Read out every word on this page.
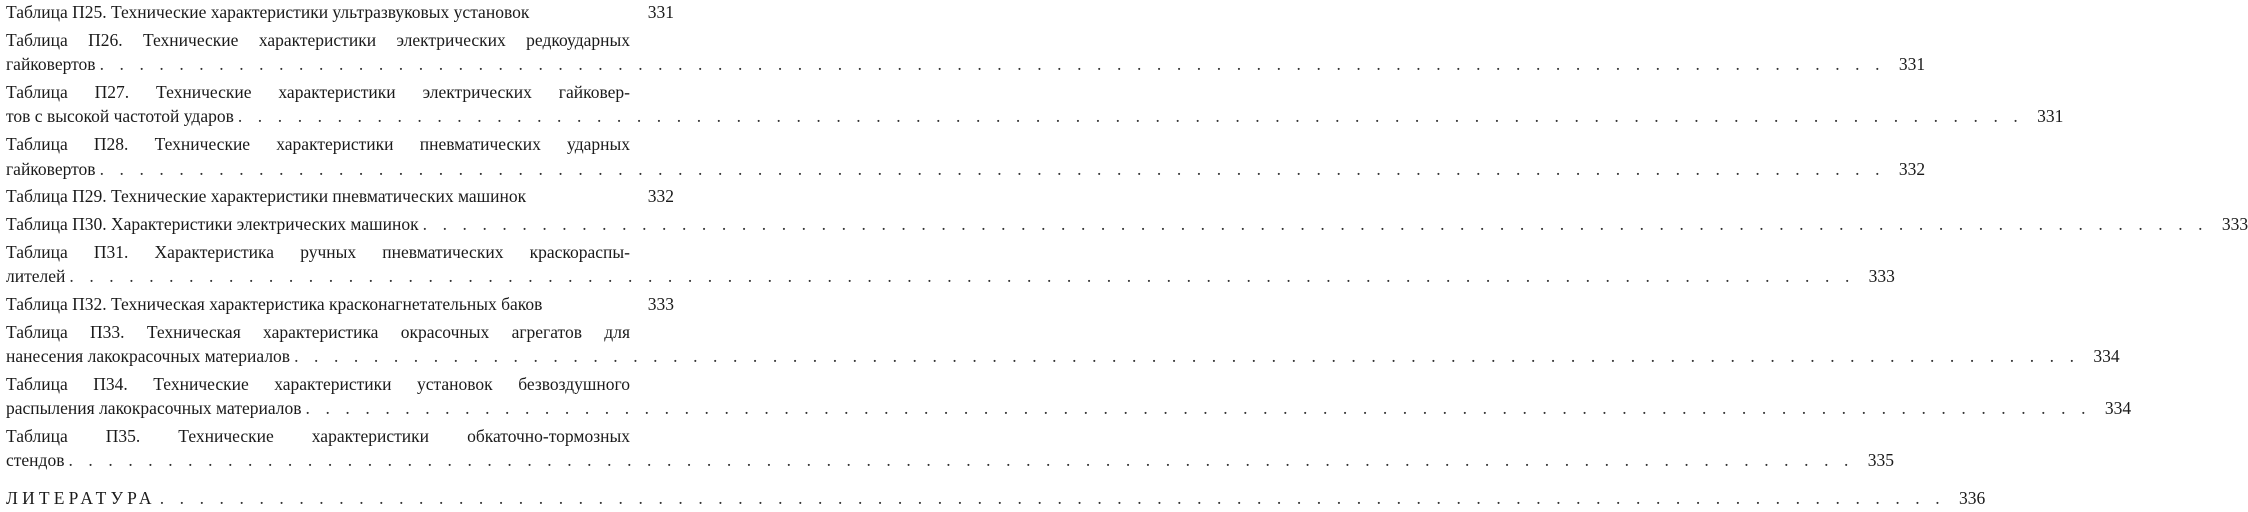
Таблица П25. Технические характеристики ультразвуковых установок	331
Таблица П26. Технические характеристики электрических редкоударных
гайковертов . . . . . . . . . . . . . . . . . . . . . . . . . . . . . . . . . . . . . . . . . . . . . . . . . . . . . . . . . . . . . . . . . . . . . . . . . . . . . . . . . . . . . . . . . . 331
Таблица П27. Технические характеристики электрических гайковер-
тов с высокой частотой ударов . . . . . . . . . . . . . . . . . . . . . . . . . . . . . . . . . . . . . . . . . . . . . . . . . . . . . . . . . . . . . . . . . . . . . . . . . . . . . . . . . . . . . . . . . . 331
Таблица П28. Технические характеристики пневматических ударных
гайковертов . . . . . . . . . . . . . . . . . . . . . . . . . . . . . . . . . . . . . . . . . . . . . . . . . . . . . . . . . . . . . . . . . . . . . . . . . . . . . . . . . . . . . . . . . . 332
Таблица П29. Технические характеристики пневматических машинок	332
Таблица П30. Характеристики электрических машинок . . . . . . . . . . . . . . . . . . . . . . . . . . . . . . . . . . . . . . . . . . . . . . . . . . . . . . . . . . . . . . . . . . . . . . . . . . . . . . . . . . . . . . . . . . 333
Таблица П31. Характеристика ручных пневматических краскораспы-
лителей . . . . . . . . . . . . . . . . . . . . . . . . . . . . . . . . . . . . . . . . . . . . . . . . . . . . . . . . . . . . . . . . . . . . . . . . . . . . . . . . . . . . . . . . . . 333
Таблица П32. Техническая характеристика красконагнетательных баков	333
Таблица П33. Техническая характеристика окрасочных агрегатов для
нанесения лакокрасочных материалов . . . . . . . . . . . . . . . . . . . . . . . . . . . . . . . . . . . . . . . . . . . . . . . . . . . . . . . . . . . . . . . . . . . . . . . . . . . . . . . . . . . . . . . . . . 334
Таблица П34. Технические характеристики установок безвоздушного
распыления лакокрасочных материалов . . . . . . . . . . . . . . . . . . . . . . . . . . . . . . . . . . . . . . . . . . . . . . . . . . . . . . . . . . . . . . . . . . . . . . . . . . . . . . . . . . . . . . . . . . 334
Таблица П35. Технические характеристики обкаточно-тормозных
стендов . . . . . . . . . . . . . . . . . . . . . . . . . . . . . . . . . . . . . . . . . . . . . . . . . . . . . . . . . . . . . . . . . . . . . . . . . . . . . . . . . . . . . . . . . . 335
ЛИТЕРАТУРА . . . . . . . . . . . . . . . . . . . . . . . . . . . . . . . . . . . . . . . . . . . . . . . . . . . . . . . . . . . . . . . . . . . . . . . . . . . . . . . . . . . . . . . . . . 336
